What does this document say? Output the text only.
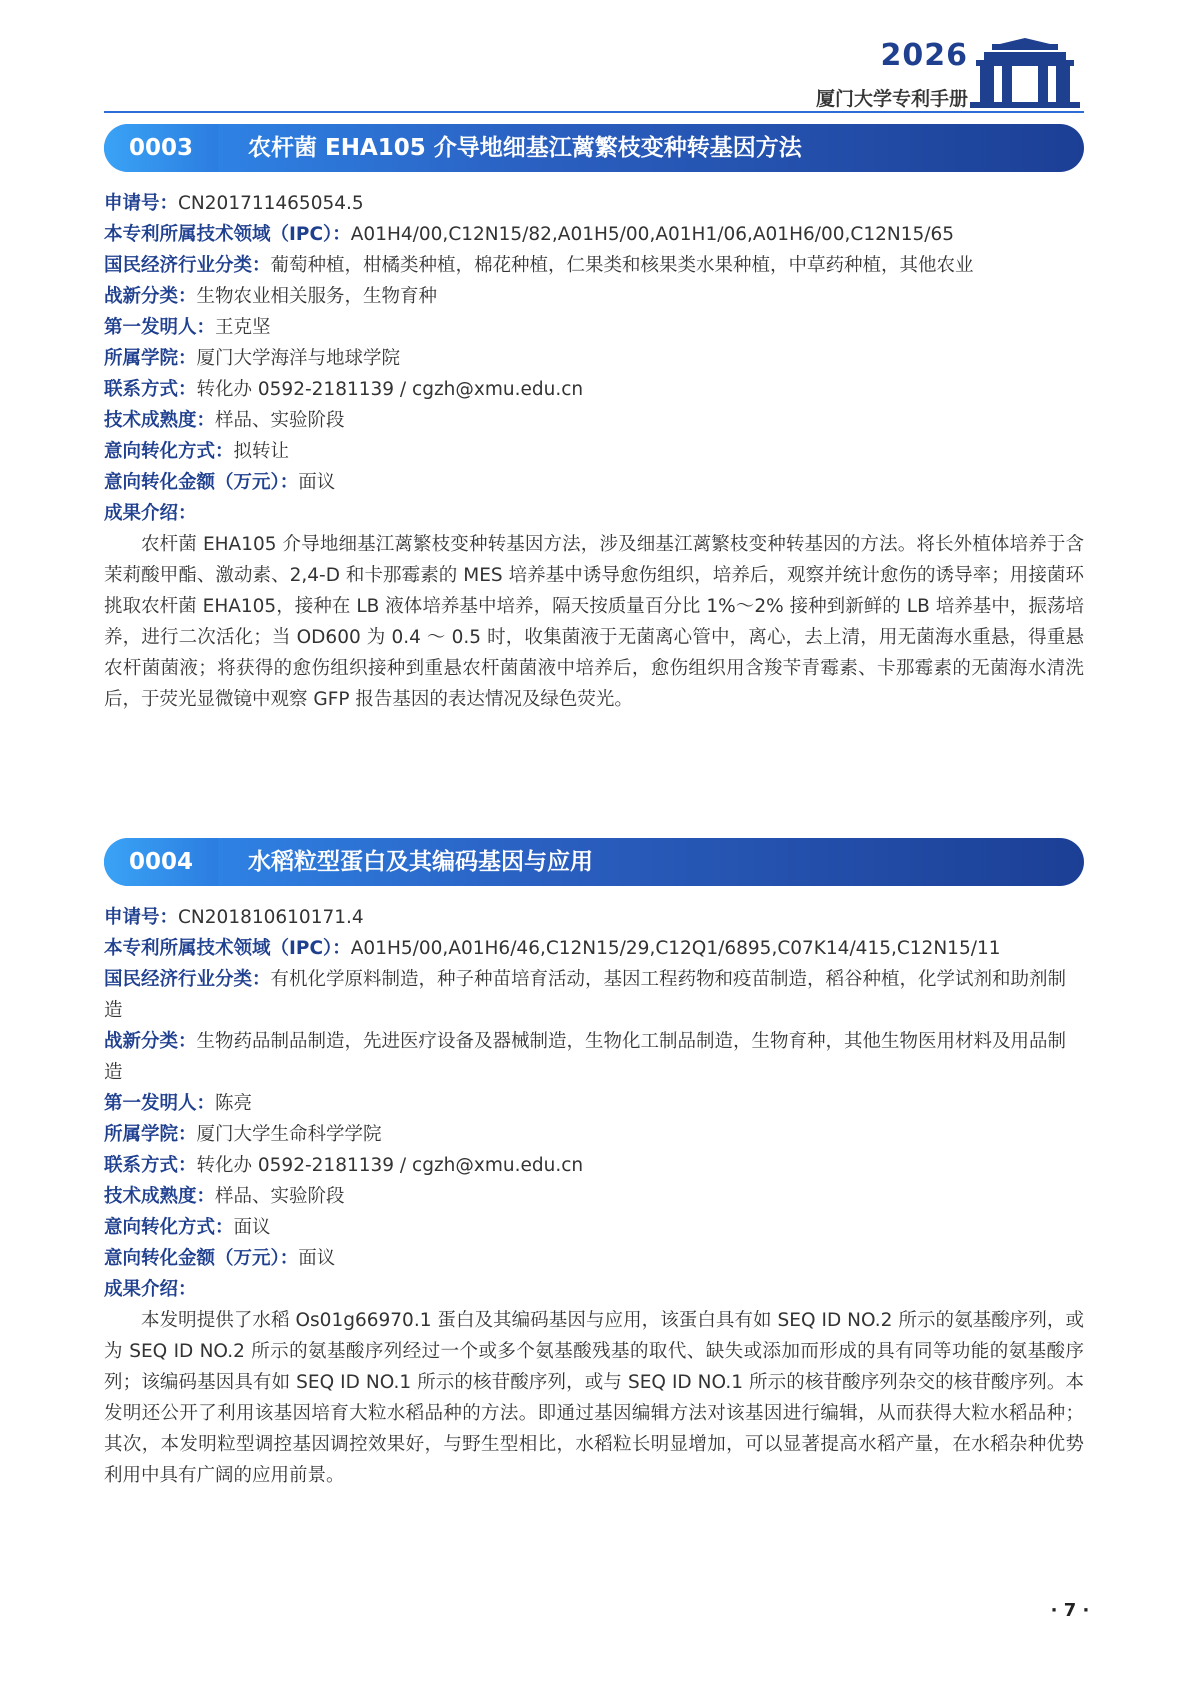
2026
厦门大学专利手册
0003	农杆菌 EHA105 介导地细基江蓠繁枝变种转基因方法
申请号：CN201711465054.5
本专利所属技术领域（IPC）：A01H4/00,C12N15/82,A01H5/00,A01H1/06,A01H6/00,C12N15/65
国民经济行业分类：葡萄种植，柑橘类种植，棉花种植，仁果类和核果类水果种植，中草药种植，其他农业
战新分类：生物农业相关服务，生物育种
第一发明人：王克坚
所属学院：厦门大学海洋与地球学院
联系方式：转化办 0592-2181139 / cgzh@xmu.edu.cn
技术成熟度：样品、实验阶段
意向转化方式：拟转让
意向转化金额（万元）：面议
成果介绍：

农杆菌 EHA105 介导地细基江蓠繁枝变种转基因方法，涉及细基江蓠繁枝变种转基因的方法。将长外植体培养于含茉莉酸甲酯、激动素、2,4-D 和卡那霉素的 MES 培养基中诱导愈伤组织，培养后，观察并统计愈伤的诱导率；用接菌环挑取农杆菌 EHA105，接种在 LB 液体培养基中培养，隔天按质量百分比 1%～2% 接种到新鲜的 LB 培养基中，振荡培养，进行二次活化；当 OD600 为 0.4 ～ 0.5 时，收集菌液于无菌离心管中，离心，去上清，用无菌海水重悬，得重悬农杆菌菌液；将获得的愈伤组织接种到重悬农杆菌菌液中培养后，愈伤组织用含羧苄青霉素、卡那霉素的无菌海水清洗后，于荧光显微镜中观察 GFP 报告基因的表达情况及绿色荧光。

0004	水稻粒型蛋白及其编码基因与应用
申请号：CN201810610171.4
本专利所属技术领域（IPC）：A01H5/00,A01H6/46,C12N15/29,C12Q1/6895,C07K14/415,C12N15/11
国民经济行业分类：有机化学原料制造，种子种苗培育活动，基因工程药物和疫苗制造，稻谷种植，化学试剂和助剂制造
战新分类：生物药品制品制造，先进医疗设备及器械制造，生物化工制品制造，生物育种，其他生物医用材料及用品制造
第一发明人：陈亮
所属学院：厦门大学生命科学学院
联系方式：转化办 0592-2181139 / cgzh@xmu.edu.cn
技术成熟度：样品、实验阶段
意向转化方式：面议
意向转化金额（万元）：面议
成果介绍：

本发明提供了水稻 Os01g66970.1 蛋白及其编码基因与应用，该蛋白具有如 SEQ ID NO.2 所示的氨基酸序列，或为 SEQ ID NO.2 所示的氨基酸序列经过一个或多个氨基酸残基的取代、缺失或添加而形成的具有同等功能的氨基酸序列；该编码基因具有如 SEQ ID NO.1 所示的核苷酸序列，或与 SEQ ID NO.1 所示的核苷酸序列杂交的核苷酸序列。本发明还公开了利用该基因培育大粒水稻品种的方法。即通过基因编辑方法对该基因进行编辑，从而获得大粒水稻品种；其次，本发明粒型调控基因调控效果好，与野生型相比，水稻粒长明显增加，可以显著提高水稻产量，在水稻杂种优势利用中具有广阔的应用前景。

· 7 ·
